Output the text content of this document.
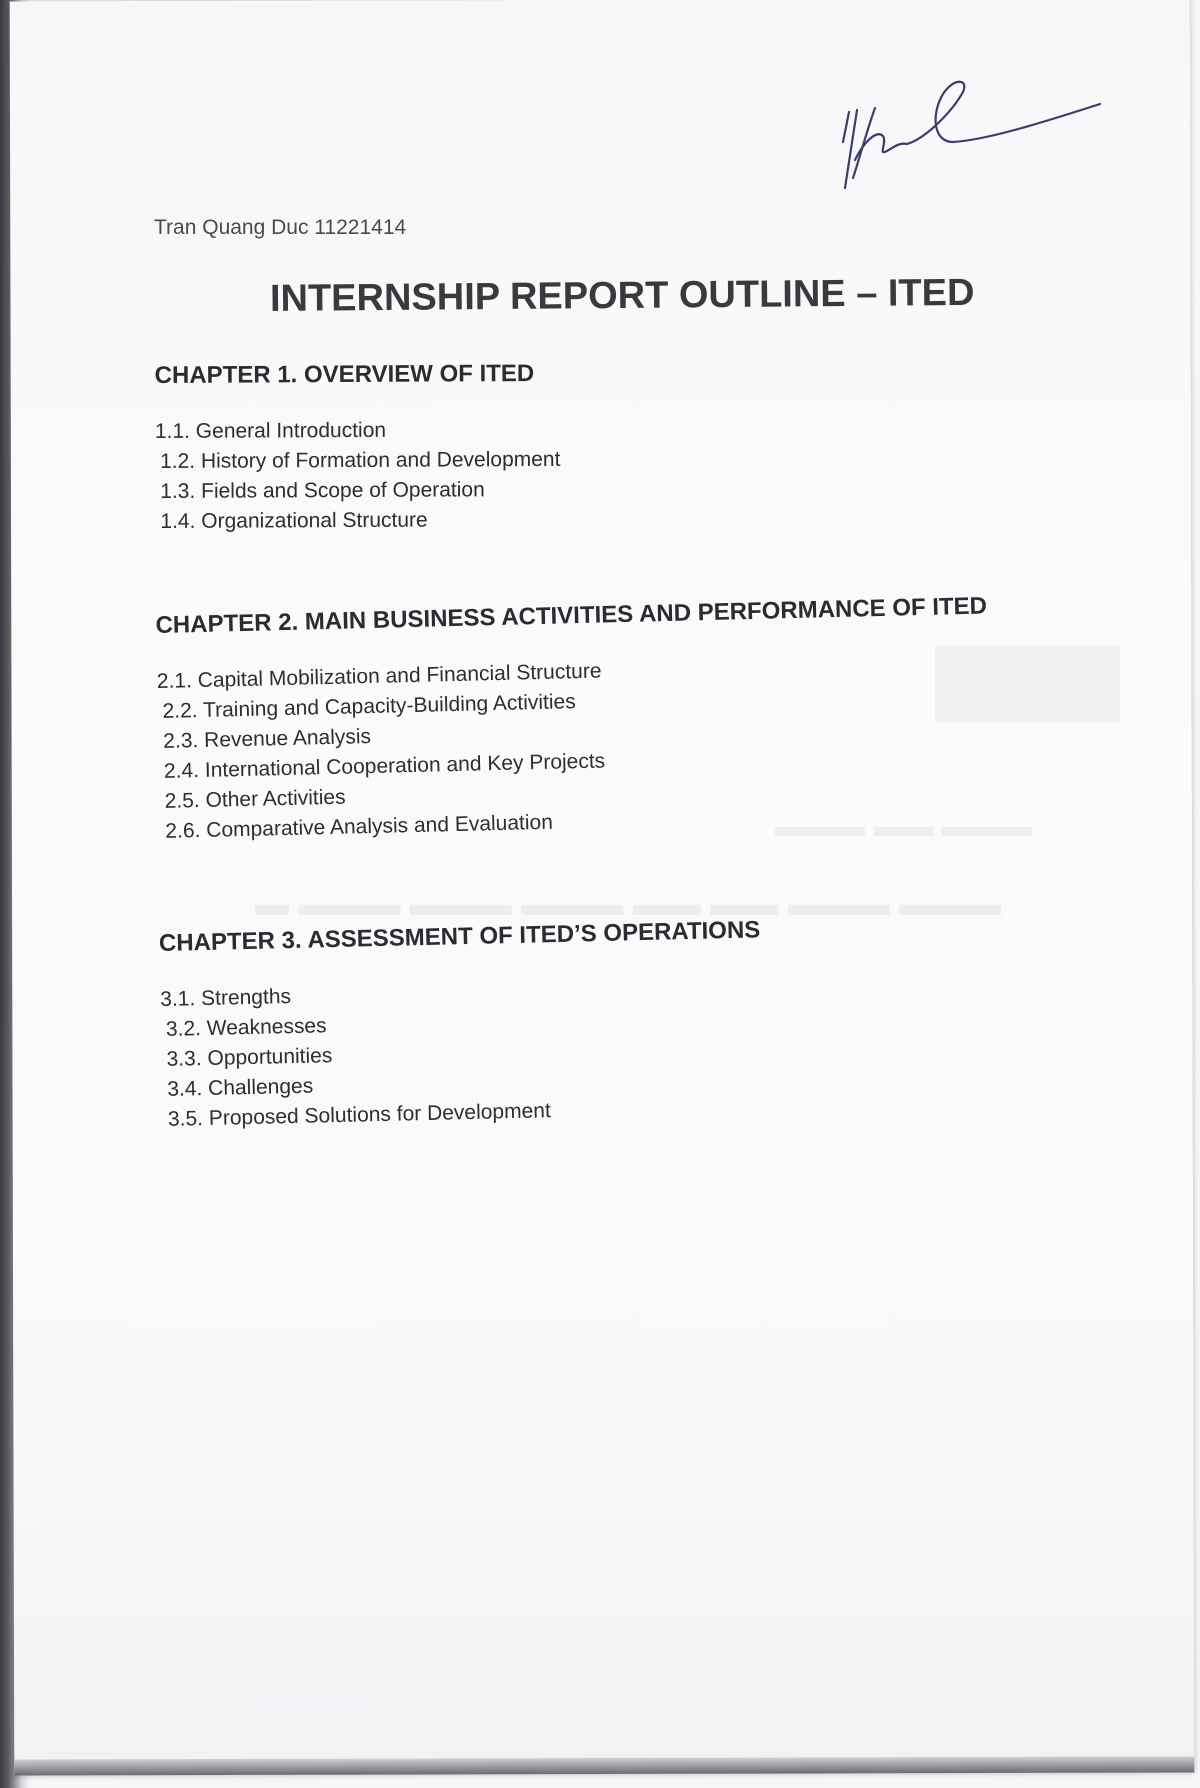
Tran Quang Duc 11221414
INTERNSHIP REPORT OUTLINE – ITED
CHAPTER 1. OVERVIEW OF ITED
1.1. General Introduction
1.2. History of Formation and Development
1.3. Fields and Scope of Operation
1.4. Organizational Structure
CHAPTER 2. MAIN BUSINESS ACTIVITIES AND PERFORMANCE OF ITED
2.1. Capital Mobilization and Financial Structure
2.2. Training and Capacity-Building Activities
2.3. Revenue Analysis
2.4. International Cooperation and Key Projects
2.5. Other Activities
2.6. Comparative Analysis and Evaluation
CHAPTER 3. ASSESSMENT OF ITED’S OPERATIONS
3.1. Strengths
3.2. Weaknesses
3.3. Opportunities
3.4. Challenges
3.5. Proposed Solutions for Development
